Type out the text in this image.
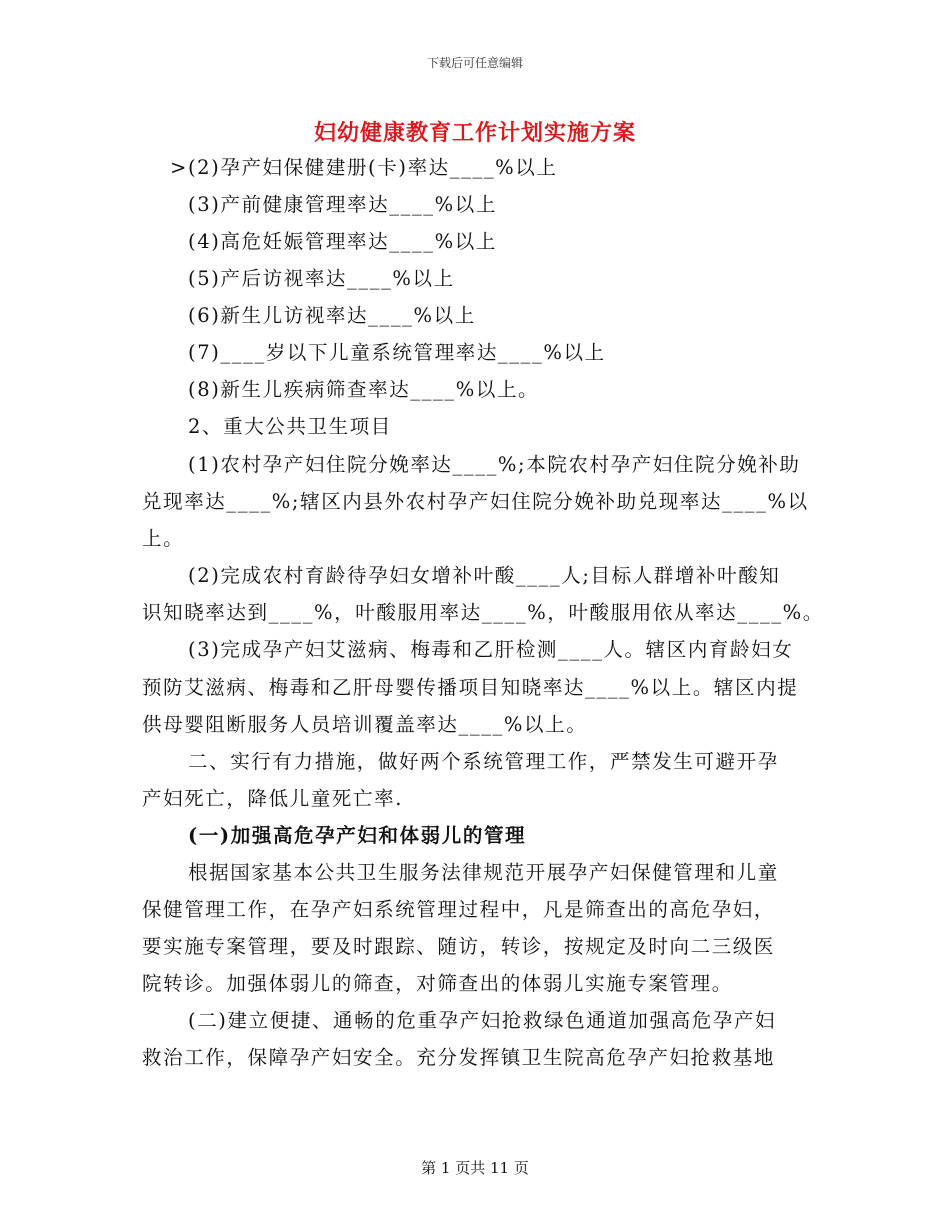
下载后可任意编辑
妇幼健康教育工作计划实施方案
>(2)孕产妇保健建册(卡)率达____%以上
(3)产前健康管理率达____%以上
(4)高危妊娠管理率达____%以上
(5)产后访视率达____%以上
(6)新生儿访视率达____%以上
(7)____岁以下儿童系统管理率达____%以上
(8)新生儿疾病筛查率达____%以上。
2、重大公共卫生项目
(1)农村孕产妇住院分娩率达____%;本院农村孕产妇住院分娩补助
兑现率达____%;辖区内县外农村孕产妇住院分娩补助兑现率达____%以
上。
(2)完成农村育龄待孕妇女增补叶酸____人;目标人群增补叶酸知
识知晓率达到____%，叶酸服用率达____%，叶酸服用依从率达____%。
(3)完成孕产妇艾滋病、梅毒和乙肝检测____人。辖区内育龄妇女
预防艾滋病、梅毒和乙肝母婴传播项目知晓率达____%以上。辖区内提
供母婴阻断服务人员培训覆盖率达____%以上。
二、实行有力措施，做好两个系统管理工作，严禁发生可避开孕
产妇死亡，降低儿童死亡率.
(一)加强高危孕产妇和体弱儿的管理
根据国家基本公共卫生服务法律规范开展孕产妇保健管理和儿童
保健管理工作，在孕产妇系统管理过程中，凡是筛查出的高危孕妇，
要实施专案管理，要及时跟踪、随访，转诊，按规定及时向二三级医
院转诊。加强体弱儿的筛查，对筛查出的体弱儿实施专案管理。
(二)建立便捷、通畅的危重孕产妇抢救绿色通道加强高危孕产妇
救治工作，保障孕产妇安全。充分发挥镇卫生院高危孕产妇抢救基地
第 1 页共 11 页
